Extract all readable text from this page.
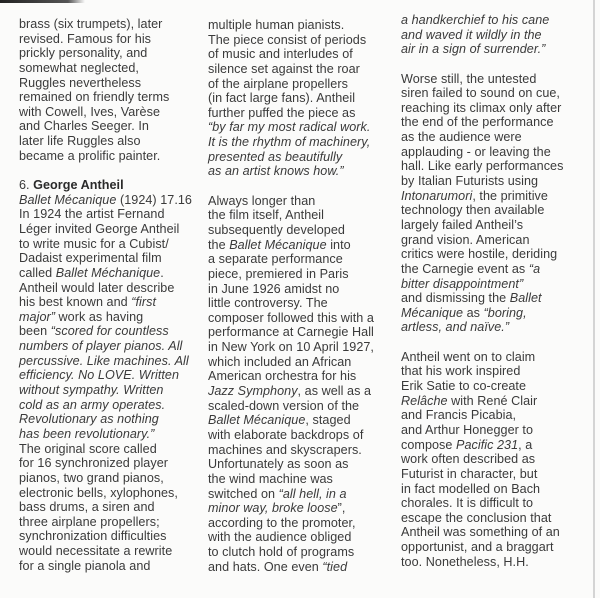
brass (six trumpets), later
revised. Famous for his
prickly personality, and
somewhat neglected,
Ruggles nevertheless
remained on friendly terms
with Cowell, Ives, Varèse
and Charles Seeger. In
later life Ruggles also
became a prolific painter.
6. George Antheil
Ballet Mécanique (1924) 17.16
In 1924 the artist Fernand
Léger invited George Antheil
to write music for a Cubist/
Dadaist experimental film
called Ballet Méchanique.
Antheil would later describe
his best known and “first
major” work as having
been “scored for countless
numbers of player pianos. All
percussive. Like machines. All
efficiency. No LOVE. Written
without sympathy. Written
cold as an army operates.
Revolutionary as nothing
has been revolutionary.”
The original score called
for 16 synchronized player
pianos, two grand pianos,
electronic bells, xylophones,
bass drums, a siren and
three airplane propellers;
synchronization difficulties
would necessitate a rewrite
for a single pianola and
multiple human pianists.
The piece consist of periods
of music and interludes of
silence set against the roar
of the airplane propellers
(in fact large fans). Antheil
further puffed the piece as
“by far my most radical work.
It is the rhythm of machinery,
presented as beautifully
as an artist knows how.”
Always longer than
the film itself, Antheil
subsequently developed
the Ballet Mécanique into
a separate performance
piece, premiered in Paris
in June 1926 amidst no
little controversy. The
composer followed this with a
performance at Carnegie Hall
in New York on 10 April 1927,
which included an African
American orchestra for his
Jazz Symphony, as well as a
scaled-down version of the
Ballet Mécanique, staged
with elaborate backdrops of
machines and skyscrapers.
Unfortunately as soon as
the wind machine was
switched on “all hell, in a
minor way, broke loose”,
according to the promoter,
with the audience obliged
to clutch hold of programs
and hats. One even “tied
a handkerchief to his cane
and waved it wildly in the
air in a sign of surrender.”
Worse still, the untested
siren failed to sound on cue,
reaching its climax only after
the end of the performance
as the audience were
applauding - or leaving the
hall. Like early performances
by Italian Futurists using
Intonarumori, the primitive
technology then available
largely failed Antheil’s
grand vision. American
critics were hostile, deriding
the Carnegie event as “a
bitter disappointment”
and dismissing the Ballet
Mécanique as “boring,
artless, and naïve.”
Antheil went on to claim
that his work inspired
Erik Satie to co-create
Relâche with René Clair
and Francis Picabia,
and Arthur Honegger to
compose Pacific 231, a
work often described as
Futurist in character, but
in fact modelled on Bach
chorales. It is difficult to
escape the conclusion that
Antheil was something of an
opportunist, and a braggart
too. Nonetheless, H.H.
